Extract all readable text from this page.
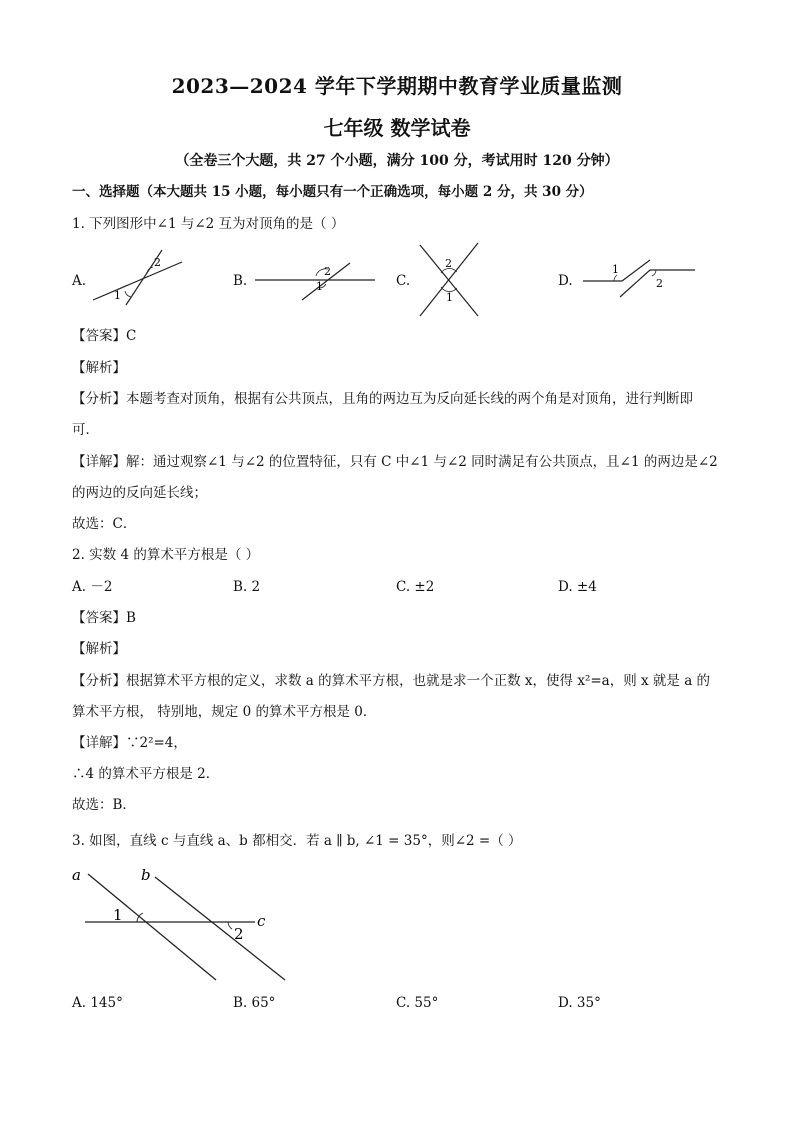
2023—2024 学年下学期期中教育学业质量监测
七年级 数学试卷
（全卷三个大题，共 27 个小题，满分 100 分，考试用时 120 分钟）
一、选择题（本大题共 15 小题，每小题只有一个正确选项，每小题 2 分，共 30 分）
1. 下列图形中∠1 与∠2 互为对顶角的是（ ）
A.
2
1
B.
2
1	C.
2
1
D.
1
2
【答案】C
【解析】
【分析】本题考查对顶角，根据有公共顶点，且角的两边互为反向延长线的两个角是对顶角，进行判断即
可．
【详解】解：通过观察∠1 与∠2 的位置特征，只有 C 中∠1 与∠2 同时满足有公共顶点，且∠1 的两边是∠2
的两边的反向延长线；
故选：C．
2. 实数 4 的算术平方根是（ ）
A. －2	B. 2	C. ±2	D. ±4
【答案】B
【解析】
【分析】根据算术平方根的定义，求数 a 的算术平方根，也就是求一个正数 x，使得 x²=a，则 x 就是 a 的
算术平方根， 特别地，规定 0 的算术平方根是 0．
【详解】∵2²=4，
∴4 的算术平方根是 2．
故选：B．
3. 如图，直线 c 与直线 a、b 都相交．若 a ∥ b, ∠1 = 35°，则∠2 =（ ）
a	b
c
1
2
A. 145°	B. 65°	C. 55°	D. 35°
